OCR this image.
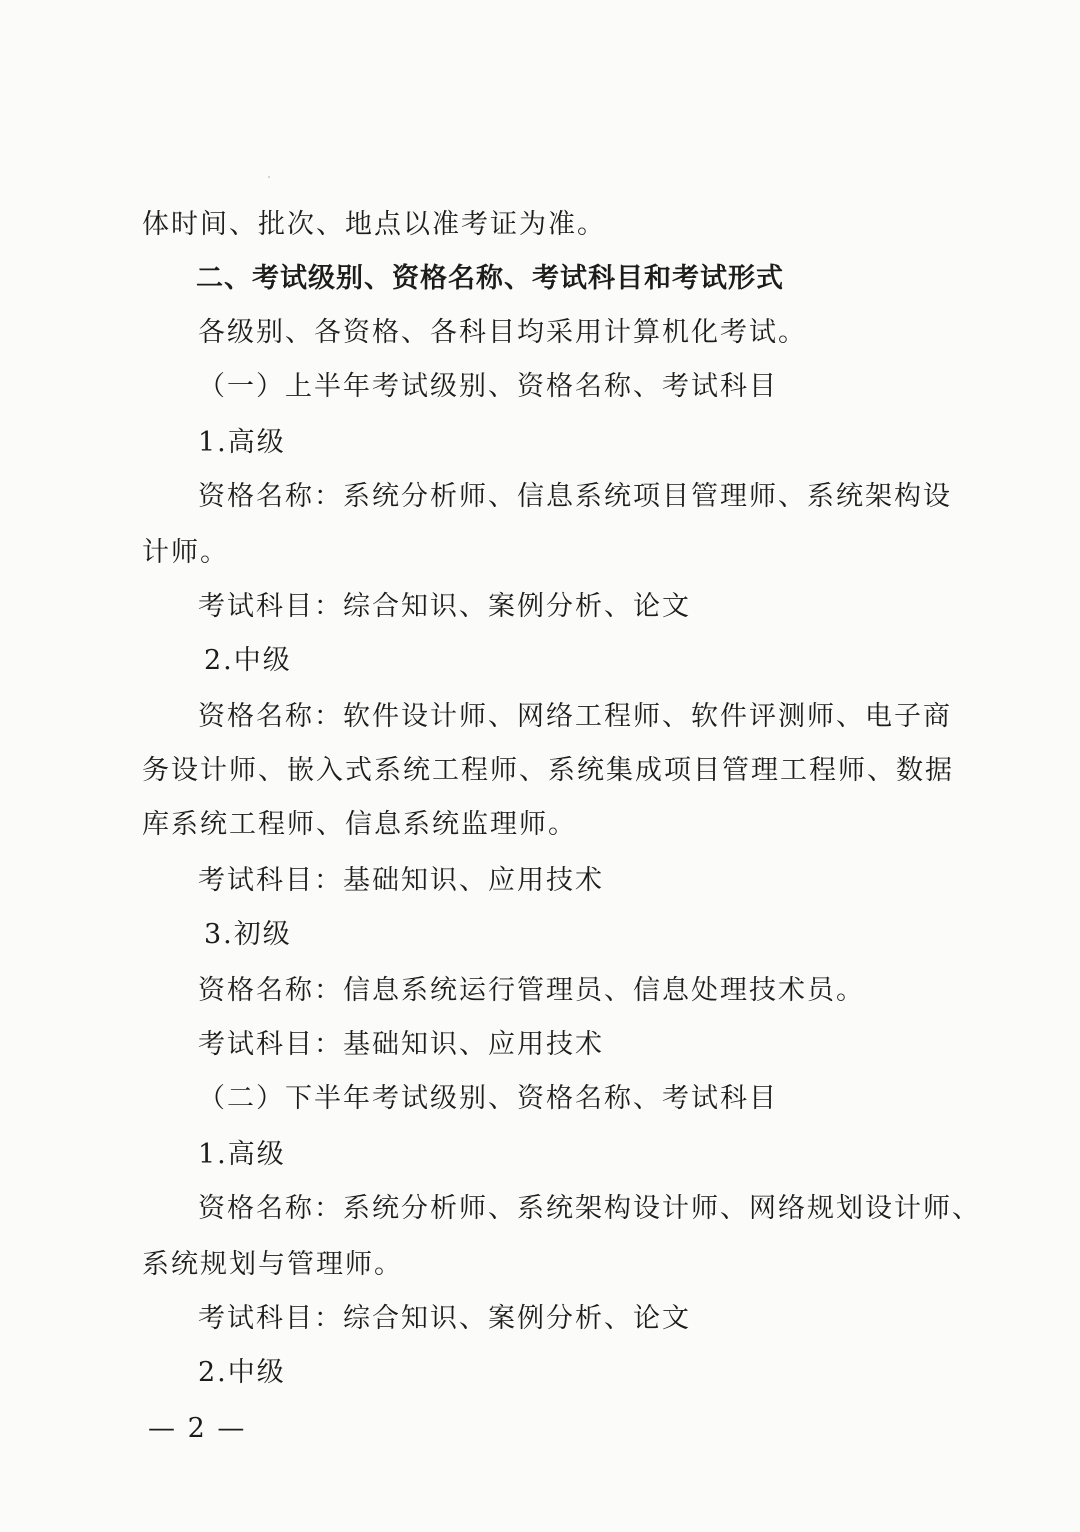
体时间、批次、地点以准考证为准。
二、考试级别、资格名称、考试科目和考试形式
各级别、各资格、各科目均采用计算机化考试。
（一）上半年考试级别、资格名称、考试科目
1.高级
资格名称：系统分析师、信息系统项目管理师、系统架构设
计师。
考试科目：综合知识、案例分析、论文
2.中级
资格名称：软件设计师、网络工程师、软件评测师、电子商
务设计师、嵌入式系统工程师、系统集成项目管理工程师、数据
库系统工程师、信息系统监理师。
考试科目：基础知识、应用技术
3.初级
资格名称：信息系统运行管理员、信息处理技术员。
考试科目：基础知识、应用技术
（二）下半年考试级别、资格名称、考试科目
1.高级
资格名称：系统分析师、系统架构设计师、网络规划设计师、
系统规划与管理师。
考试科目：综合知识、案例分析、论文
2.中级
— 2 —
